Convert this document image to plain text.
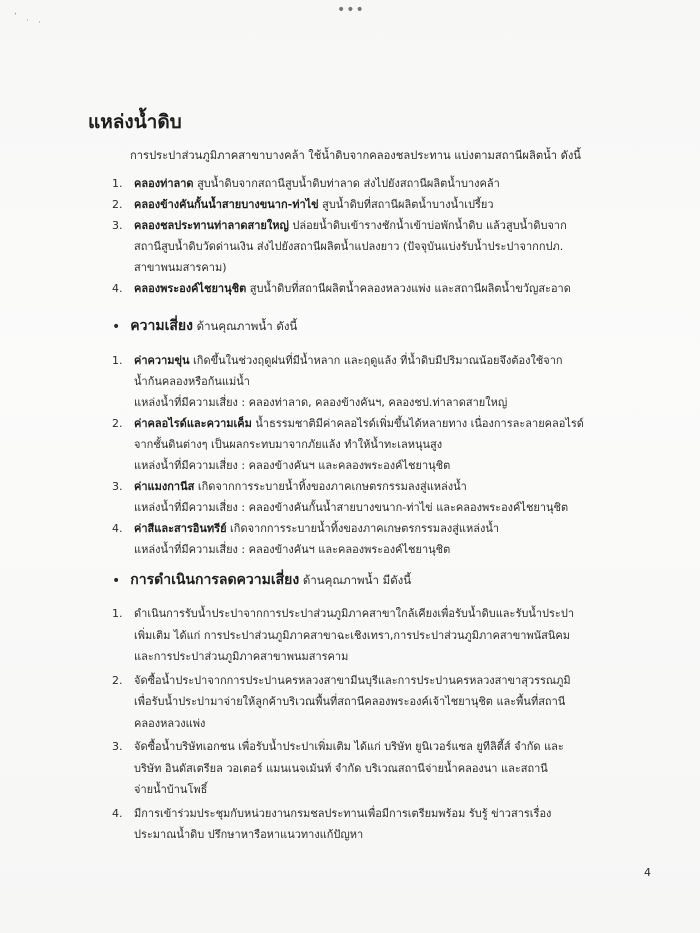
•••
‘ · ·
แหล่งน้ำดิบ
การประปาส่วนภูมิภาคสาขาบางคล้า ใช้น้ำดิบจากคลองชลประทาน แบ่งตามสถานีผลิตน้ำ ดังนี้
1. คลองท่าลาด สูบน้ำดิบจากสถานีสูบน้ำดิบท่าลาด ส่งไปยังสถานีผลิตน้ำบางคล้า
2. คลองข้างคันกั้นน้ำสายบางขนาก-ท่าไข่ สูบน้ำดิบที่สถานีผลิตน้ำบางน้ำเปรี้ยว
3. คลองชลประทานท่าลาดสายใหญ่ ปล่อยน้ำดิบเข้ารางชักน้ำเข้าบ่อพักน้ำดิบ แล้วสูบน้ำดิบจาก
สถานีสูบน้ำดิบวัดด่านเงิน ส่งไปยังสถานีผลิตน้ำแปลงยาว (ปัจจุบันแบ่งรับน้ำประปาจากกปภ.
สาขาพนมสารคาม)
4. คลองพระองค์ไชยานุชิต สูบน้ำดิบที่สถานีผลิตน้ำคลองหลวงแพ่ง และสถานีผลิตน้ำขวัญสะอาด
• ความเสี่ยง ด้านคุณภาพน้ำ ดังนี้
1. ค่าความขุ่น เกิดขึ้นในช่วงฤดูฝนที่มีน้ำหลาก และฤดูแล้ง ที่น้ำดิบมีปริมาณน้อยจึงต้องใช้จาก
น้ำก้นคลองหรือก้นแม่น้ำ
แหล่งน้ำที่มีความเสี่ยง : คลองท่าลาด, คลองข้างคันฯ, คลองชป.ท่าลาดสายใหญ่
2. ค่าคลอไรด์และความเค็ม น้ำธรรมชาติมีค่าคลอไรด์เพิ่มขึ้นได้หลายทาง เนื่องการละลายคลอไรด์
จากชั้นดินต่างๆ เป็นผลกระทบมาจากภัยแล้ง ทำให้น้ำทะเลหนุนสูง
แหล่งน้ำที่มีความเสี่ยง : คลองข้างคันฯ และคลองพระองค์ไชยานุชิต
3. ค่าแมงกานีส เกิดจากการระบายน้ำทิ้งของภาคเกษตรกรรมลงสู่แหล่งน้ำ
แหล่งน้ำที่มีความเสี่ยง : คลองข้างคันกั้นน้ำสายบางขนาก-ท่าไข่ และคลองพระองค์ไชยานุชิต
4. ค่าสีและสารอินทรีย์ เกิดจากการระบายน้ำทิ้งของภาคเกษตรกรรมลงสู่แหล่งน้ำ
แหล่งน้ำที่มีความเสี่ยง : คลองข้างคันฯ และคลองพระองค์ไชยานุชิต
• การดำเนินการลดความเสี่ยง ด้านคุณภาพน้ำ มีดังนี้
1. ดำเนินการรับน้ำประปาจากการประปาส่วนภูมิภาคสาขาใกล้เคียงเพื่อรับน้ำดิบและรับน้ำประปา
เพิ่มเติม ได้แก่ การประปาส่วนภูมิภาคสาขาฉะเชิงเทรา,การประปาส่วนภูมิภาคสาขาพนัสนิคม
และการประปาส่วนภูมิภาคสาขาพนมสารคาม
2. จัดซื้อน้ำประปาจากการประปานครหลวงสาขามีนบุรีและการประปานครหลวงสาขาสุวรรณภูมิ
เพื่อรับน้ำประปามาจ่ายให้ลูกค้าบริเวณพื้นที่สถานีคลองพระองค์เจ้าไชยานุชิต และพื้นที่สถานี
คลองหลวงแพ่ง
3. จัดซื้อน้ำบริษัทเอกชน เพื่อรับน้ำประปาเพิ่มเติม ได้แก่ บริษัท ยูนิเวอร์แซล ยูทีลิตี้ส์ จำกัด และ
บริษัท อินดัสเตรียล วอเตอร์ แมนเนจเม้นท์ จำกัด บริเวณสถานีจ่ายน้ำคลองนา และสถานี
จ่ายน้ำบ้านโพธิ์
4. มีการเข้าร่วมประชุมกับหน่วยงานกรมชลประทานเพื่อมีการเตรียมพร้อม รับรู้ ข่าวสารเรื่อง
ประมาณน้ำดิบ ปรึกษาหารือหาแนวทางแก้ปัญหา
4
